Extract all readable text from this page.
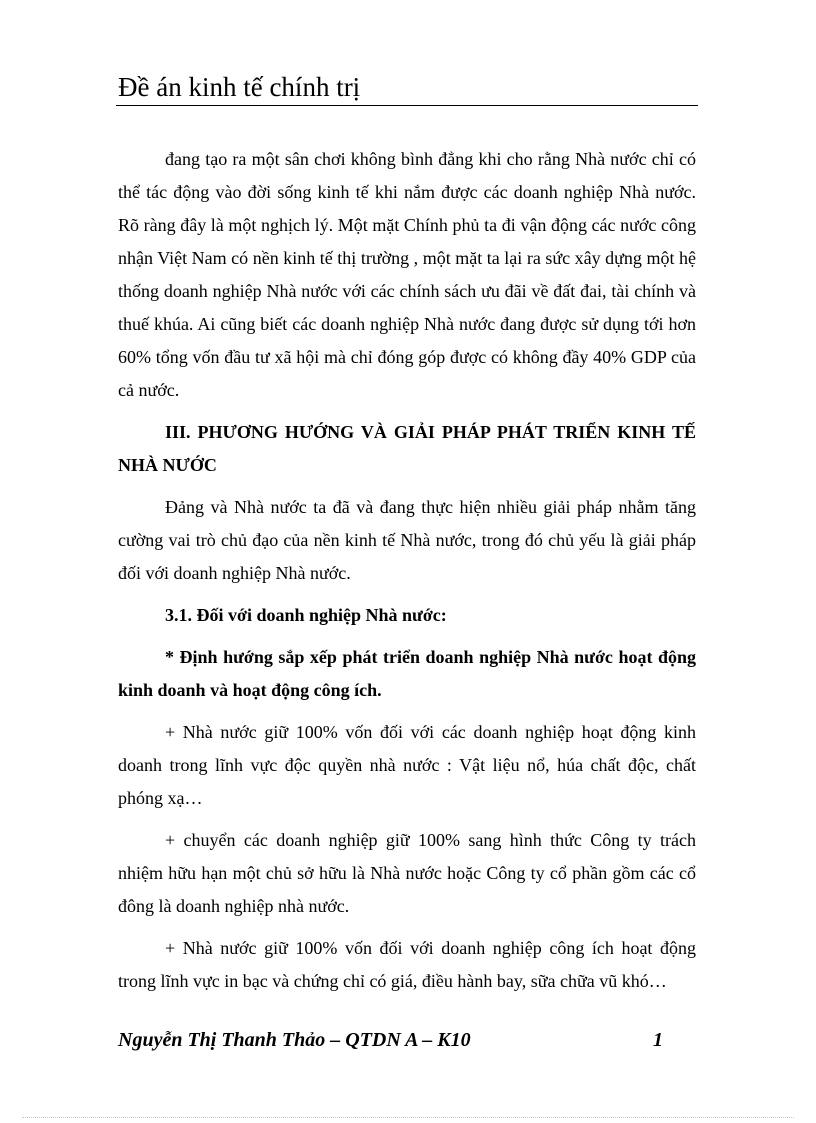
Đề án kinh tế chính trị

đang tạo ra một sân chơi không bình đẳng khi cho rằng Nhà nước chỉ có thể tác động vào đời sống kinh tế khi nắm được các doanh nghiệp Nhà nước. Rõ ràng đây là một nghịch lý. Một mặt Chính phủ ta đi vận động các nước công nhận Việt Nam có nền kinh tế thị trường , một mặt ta lại ra sức xây dựng một hệ thống doanh nghiệp Nhà nước với các chính sách ưu đãi về đất đai, tài chính và thuế khúa. Ai cũng biết các doanh nghiệp Nhà nước đang được sử dụng tới hơn 60% tổng vốn đầu tư xã hội mà chỉ đóng góp được có không đầy 40% GDP của cả nước.

III. PHƯƠNG HƯỚNG VÀ GIẢI PHÁP PHÁT TRIỂN KINH TẾ NHÀ NƯỚC

Đảng và Nhà nước ta đã và đang thực hiện nhiều giải pháp nhằm tăng cường vai trò chủ đạo của nền kinh tế Nhà nước, trong đó chủ yếu là giải pháp đối với doanh nghiệp Nhà nước.

3.1. Đối với doanh nghiệp Nhà nước:

* Định hướng sắp xếp phát triển doanh nghiệp Nhà nước hoạt động kinh doanh và hoạt động công ích.

+ Nhà nước giữ 100% vốn đối với các doanh nghiệp hoạt động kinh doanh trong lĩnh vực độc quyền nhà nước : Vật liệu nổ, húa chất độc, chất phóng xạ…

+ chuyển các doanh nghiệp giữ 100% sang hình thức Công ty trách nhiệm hữu hạn một chủ sở hữu là Nhà nước hoặc Công ty cổ phần gồm các cổ đông là doanh nghiệp nhà nước.

+ Nhà nước giữ 100% vốn đối với doanh nghiệp công ích hoạt động trong lĩnh vực in bạc và chứng chỉ có giá, điều hành bay, sữa chữa vũ khó…

Nguyễn Thị Thanh Thảo – QTDN A – K10	1
